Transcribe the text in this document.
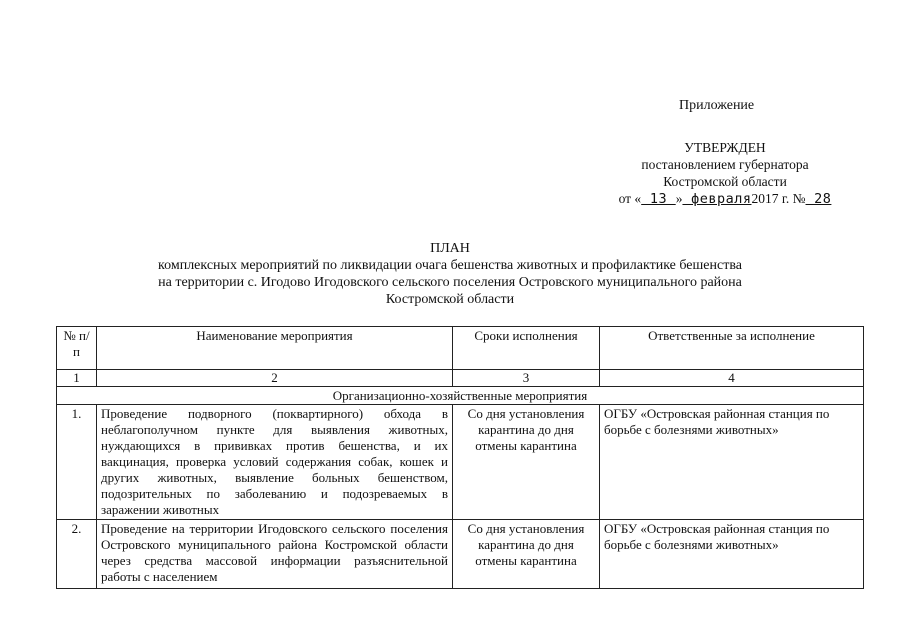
Приложение
УТВЕРЖДЕН
постановлением губернатора
Костромской области
от « 13 » февраля2017 г. № 28
ПЛАН
комплексных мероприятий по ликвидации очага бешенства животных и профилактике бешенства
на территории с. Игодово Игодовского сельского поселения Островского муниципального района
Костромской области
№ п/п	Наименование мероприятия	Сроки исполнения	Ответственные за исполнение
1	2	3	4
Организационно-хозяйственные мероприятия			
1.	Проведение подворного (поквартирного) обхода в неблагополучном пункте для выявления животных, нуждающихся в прививках против бешенства, и их вакцинация, проверка условий содержания собак, кошек и других животных, выявление больных бешенством, подозрительных по заболеванию и подозреваемых в заражении животных	Со дня установления карантина до дня отмены карантина	ОГБУ «Островская районная станция по борьбе с болезнями животных»
2.	Проведение на территории Игодовского сельского поселения Островского муниципального района Костромской области через средства массовой информации разъяснительной работы с населением	Со дня установления карантина до дня отмены карантина	ОГБУ «Островская районная станция по борьбе с болезнями животных»
